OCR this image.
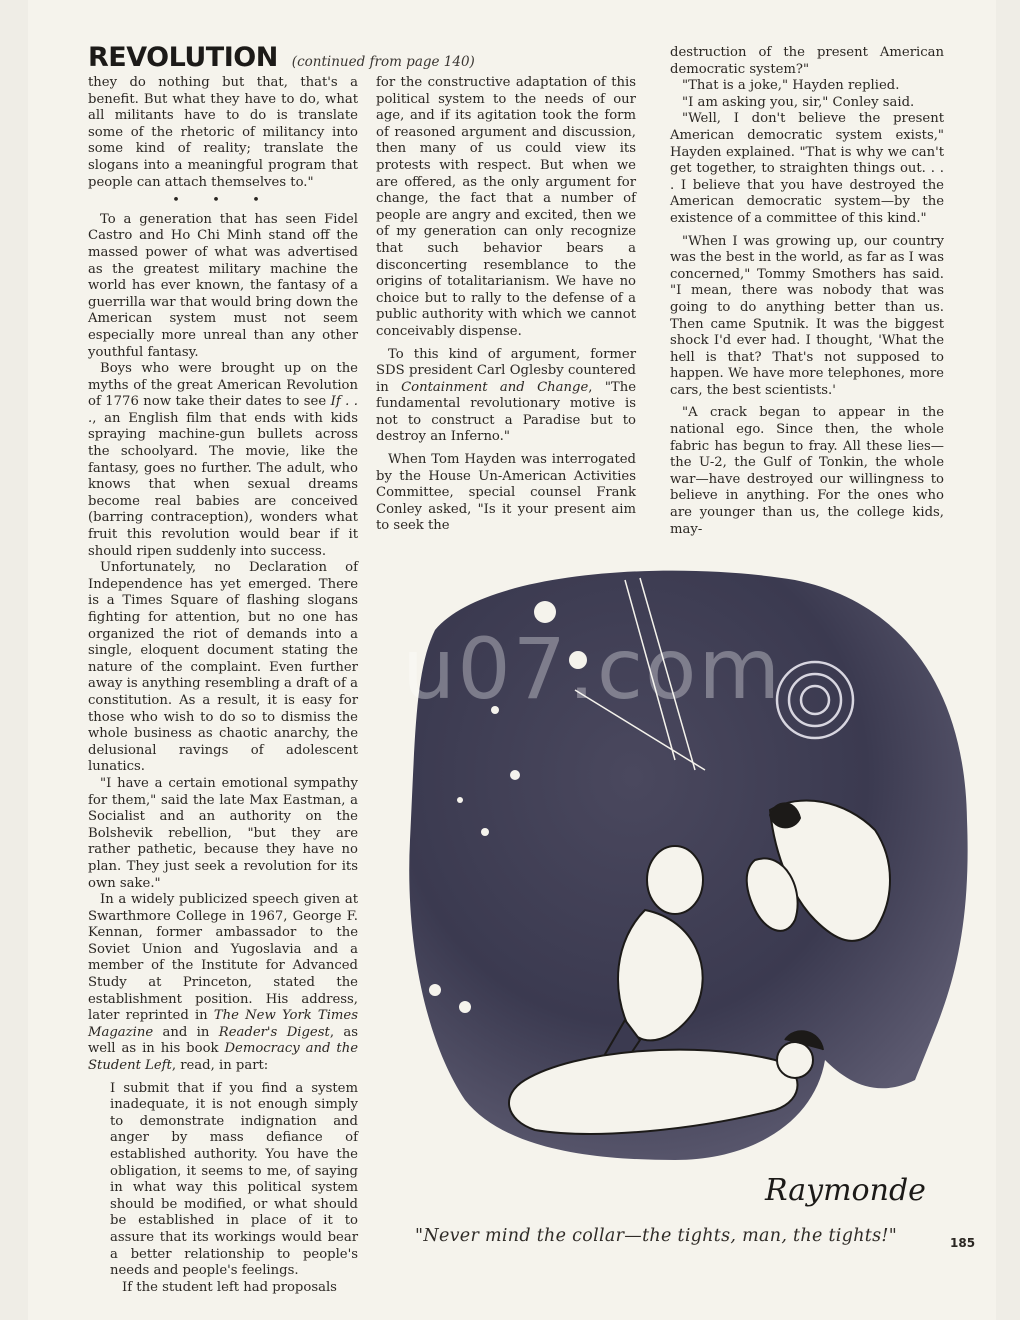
REVOLUTION (continued from page 140)

they do nothing but that, that's a benefit. But what they have to do, what all militants have to do is translate some of the rhetoric of militancy into some kind of reality; translate the slogans into a meaningful program that people can attach themselves to."

• • •

To a generation that has seen Fidel Castro and Ho Chi Minh stand off the massed power of what was advertised as the greatest military machine the world has ever known, the fantasy of a guerrilla war that would bring down the American system must not seem especially more unreal than any other youthful fantasy.

Boys who were brought up on the myths of the great American Revolution of 1776 now take their dates to see If . . ., an English film that ends with kids spraying machine-gun bullets across the schoolyard. The movie, like the fantasy, goes no further. The adult, who knows that when sexual dreams become real babies are conceived (barring contraception), wonders what fruit this revolution would bear if it should ripen suddenly into success.

Unfortunately, no Declaration of Independence has yet emerged. There is a Times Square of flashing slogans fighting for attention, but no one has organized the riot of demands into a single, eloquent document stating the nature of the complaint. Even further away is anything resembling a draft of a constitution. As a result, it is easy for those who wish to do so to dismiss the whole business as chaotic anarchy, the delusional ravings of adolescent lunatics.

"I have a certain emotional sympathy for them," said the late Max Eastman, a Socialist and an authority on the Bolshevik rebellion, "but they are rather pathetic, because they have no plan. They just seek a revolution for its own sake."

In a widely publicized speech given at Swarthmore College in 1967, George F. Kennan, former ambassador to the Soviet Union and Yugoslavia and a member of the Institute for Advanced Study at Princeton, stated the establishment position. His address, later reprinted in The New York Times Magazine and in Reader's Digest, as well as in his book Democracy and the Student Left, read, in part:

I submit that if you find a system inadequate, it is not enough simply to demonstrate indignation and anger by mass defiance of established authority. You have the obligation, it seems to me, of saying in what way this political system should be modified, or what should be established in place of it to assure that its workings would bear a better relationship to people's needs and people's feelings.

If the student left had proposals

for the constructive adaptation of this political system to the needs of our age, and if its agitation took the form of reasoned argument and discussion, then many of us could view its protests with respect. But when we are offered, as the only argument for change, the fact that a number of people are angry and excited, then we of my generation can only recognize that such behavior bears a disconcerting resemblance to the origins of totalitarianism. We have no choice but to rally to the defense of a public authority with which we cannot conceivably dispense.

To this kind of argument, former SDS president Carl Oglesby countered in Containment and Change, "The fundamental revolutionary motive is not to construct a Paradise but to destroy an Inferno."

When Tom Hayden was interrogated by the House Un-American Activities Committee, special counsel Frank Conley asked, "Is it your present aim to seek the

destruction of the present American democratic system?"

"That is a joke," Hayden replied.

"I am asking you, sir," Conley said.

"Well, I don't believe the present American democratic system exists," Hayden explained. "That is why we can't get together, to straighten things out. . . . I believe that you have destroyed the American democratic system—by the existence of a committee of this kind."

"When I was growing up, our country was the best in the world, as far as I was concerned," Tommy Smothers has said. "I mean, there was nobody that was going to do anything better than us. Then came Sputnik. It was the biggest shock I'd ever had. I thought, 'What the hell is that? That's not supposed to happen. We have more telephones, more cars, the best scientists.'

"A crack began to appear in the national ego. Since then, the whole fabric has begun to fray. All these lies—the U-2, the Gulf of Tonkin, the whole war—have destroyed our willingness to believe in anything. For the ones who are younger than us, the college kids, may-

Raymonde
u07.com
"Never mind the collar—the tights, man, the tights!"	185
